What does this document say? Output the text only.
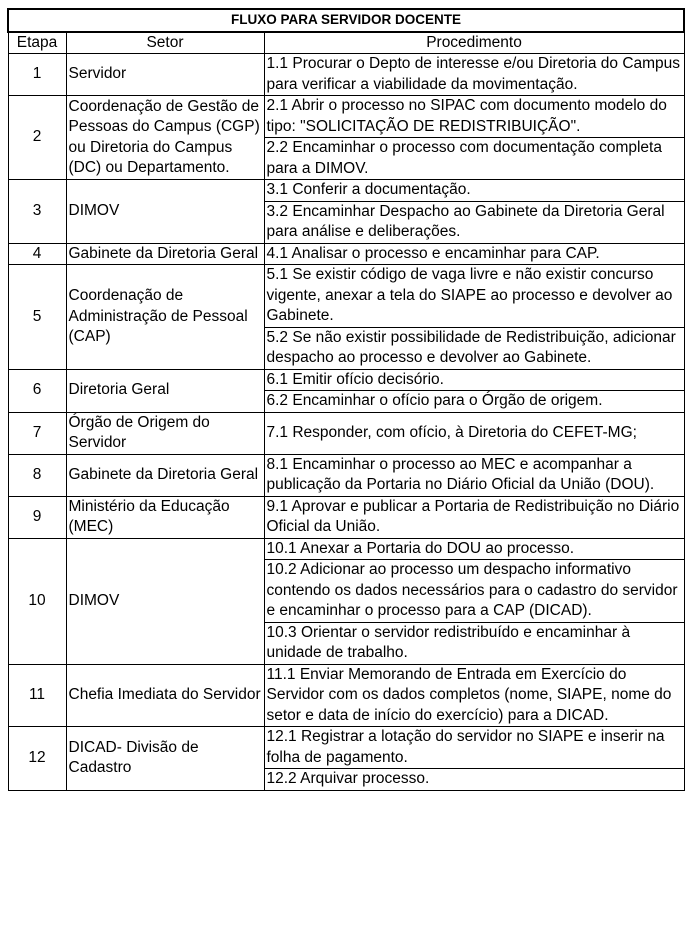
FLUXO PARA SERVIDOR DOCENTE		
Etapa	Setor	Procedimento
1	Servidor	1.1 Procurar o Depto de interesse e/ou Diretoria do Campus para verificar a viabilidade da movimentação.
2	Coordenação de Gestão de Pessoas do Campus (CGP) ou Diretoria do Campus (DC) ou Departamento.	2.1 Abrir o processo no SIPAC com documento modelo do tipo: "SOLICITAÇÃO DE REDISTRIBUIÇÃO".
		2.2 Encaminhar o processo com documentação completa para a DIMOV.
3	DIMOV	3.1 Conferir a documentação.
		3.2 Encaminhar Despacho ao Gabinete da Diretoria Geral para análise e deliberações.
4	Gabinete da Diretoria Geral	4.1 Analisar o processo e encaminhar para CAP.
5	Coordenação de Administração de Pessoal (CAP)	5.1 Se existir código de vaga livre e não existir concurso vigente, anexar a tela do SIAPE ao processo e devolver ao Gabinete.
		5.2 Se não existir possibilidade de Redistribuição, adicionar despacho ao processo e devolver ao Gabinete.
6	Diretoria Geral	6.1 Emitir ofício decisório.
		6.2 Encaminhar o ofício para o Órgão de origem.
7	Órgão de Origem do Servidor	7.1 Responder, com ofício, à Diretoria do CEFET-MG;
8	Gabinete da Diretoria Geral	8.1 Encaminhar o processo ao MEC e acompanhar a publicação da Portaria no Diário Oficial da União (DOU).
9	Ministério da Educação (MEC)	9.1 Aprovar e publicar a Portaria de Redistribuição no Diário Oficial da União.
10	DIMOV	10.1 Anexar a Portaria do DOU ao processo.
		10.2 Adicionar ao processo um despacho informativo contendo os dados necessários para o cadastro do servidor e encaminhar o processo para a CAP (DICAD).
		10.3 Orientar o servidor redistribuído e encaminhar à unidade de trabalho.
11	Chefia Imediata do Servidor	11.1 Enviar Memorando de Entrada em Exercício do Servidor com os dados completos (nome, SIAPE, nome do setor e data de início do exercício) para a DICAD.
12	DICAD- Divisão de Cadastro	12.1 Registrar a lotação do servidor no SIAPE e inserir na folha de pagamento.
		12.2 Arquivar processo.
